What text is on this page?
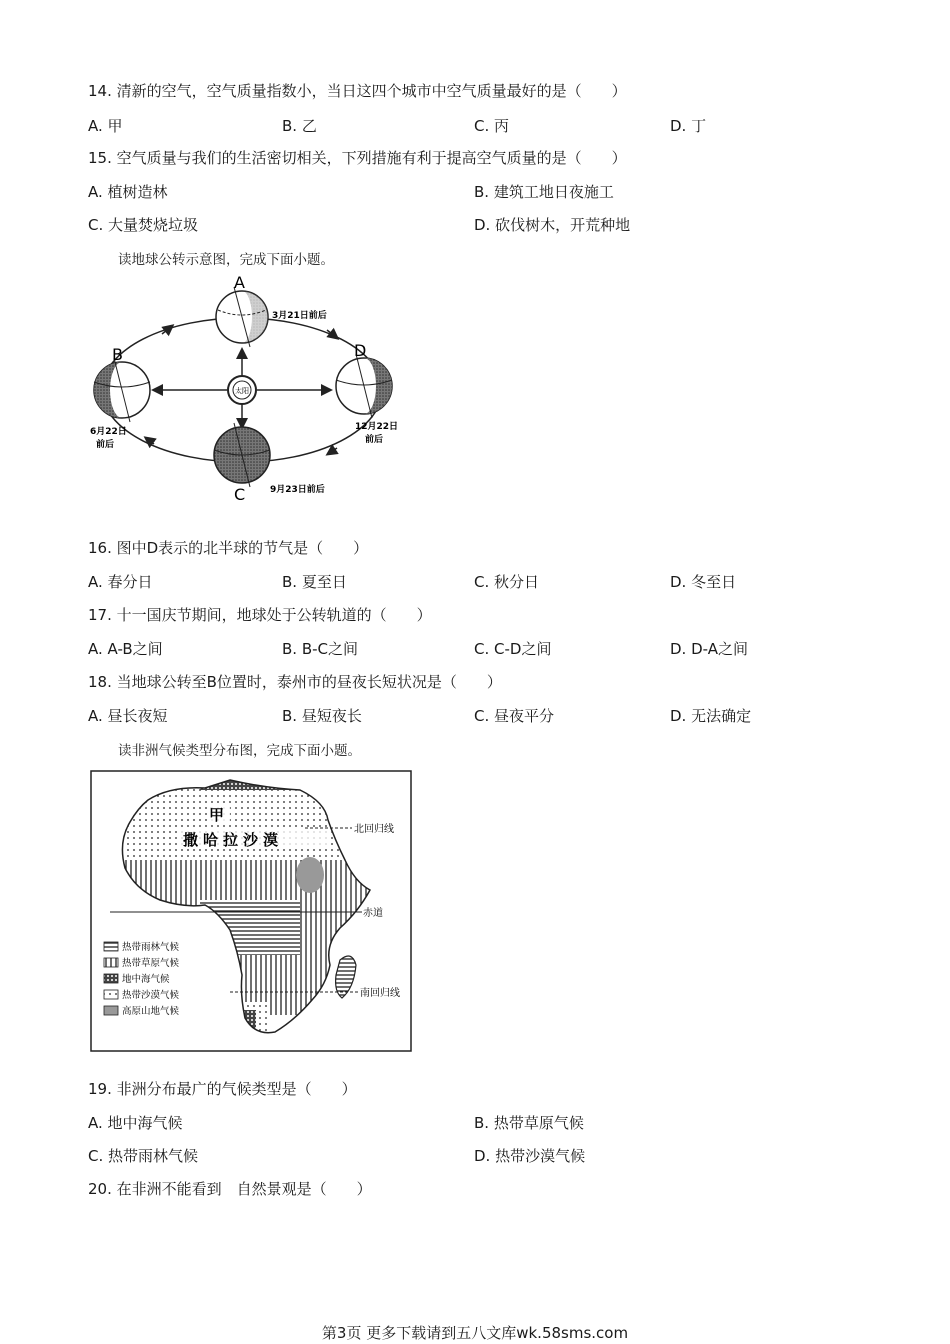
14. 清新的空气，空气质量指数小，当日这四个城市中空气质量最好的是（　　）
A. 甲	B. 乙	C. 丙	D. 丁
15. 空气质量与我们的生活密切相关，下列措施有利于提高空气质量的是（　　）
A. 植树造林	B. 建筑工地日夜施工
C. 大量焚烧垃圾	D. 砍伐树木，开荒种地
读地球公转示意图，完成下面小题。
太阳
A
3月21日前后
B
6月22日
前后
C	9月23日前后
D
12月22日
前后
16. 图中D表示的北半球的节气是（　　）
A. 春分日	B. 夏至日	C. 秋分日	D. 冬至日
17. 十一国庆节期间，地球处于公转轨道的（　　）
A. A-B之间	B. B-C之间	C. C-D之间	D. D-A之间
18. 当地球公转至B位置时，泰州市的昼夜长短状况是（　　）
A. 昼长夜短	B. 昼短夜长	C. 昼夜平分	D. 无法确定
读非洲气候类型分布图，完成下面小题。
北回归线
赤道
南回归线
甲
撒哈拉沙漠
热带雨林气候
热带草原气候
地中海气候
热带沙漠气候
高原山地气候
19. 非洲分布最广的气候类型是（　　）
A. 地中海气候	B. 热带草原气候
C. 热带雨林气候	D. 热带沙漠气候
20. 在非洲不能看到　自然景观是（　　）
第3页 更多下载请到五八文库wk.58sms.com
